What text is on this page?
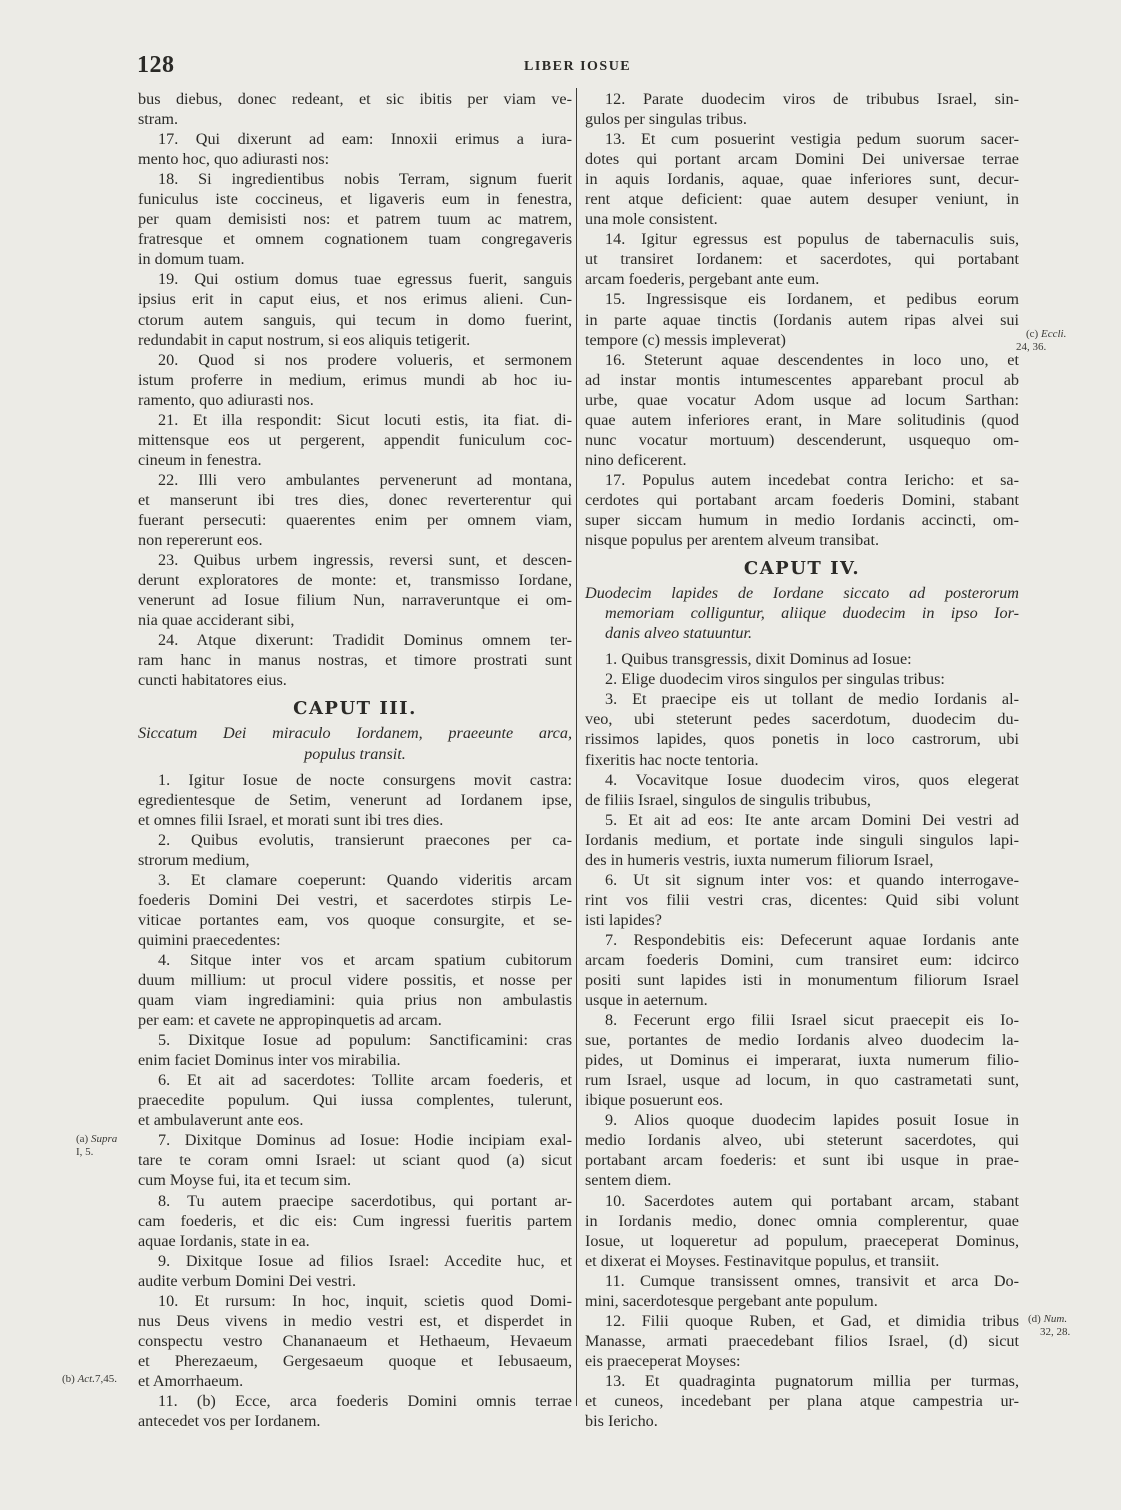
128	LIBER IOSUE
bus diebus, donec redeant, et sic ibitis per viam ve-
stram.
17. Qui dixerunt ad eam: Innoxii erimus a iura-
mento hoc, quo adiurasti nos:
18. Si ingredientibus nobis Terram, signum fuerit
funiculus iste coccineus, et ligaveris eum in fenestra,
per quam demisisti nos: et patrem tuum ac matrem,
fratresque et omnem cognationem tuam congregaveris
in domum tuam.
19. Qui ostium domus tuae egressus fuerit, sanguis
ipsius erit in caput eius, et nos erimus alieni. Cun-
ctorum autem sanguis, qui tecum in domo fuerint,
redundabit in caput nostrum, si eos aliquis tetigerit.
20. Quod si nos prodere volueris, et sermonem
istum proferre in medium, erimus mundi ab hoc iu-
ramento, quo adiurasti nos.
21. Et illa respondit: Sicut locuti estis, ita fiat. di-
mittensque eos ut pergerent, appendit funiculum coc-
cineum in fenestra.
22. Illi vero ambulantes pervenerunt ad montana,
et manserunt ibi tres dies, donec reverterentur qui
fuerant persecuti: quaerentes enim per omnem viam,
non repererunt eos.
23. Quibus urbem ingressis, reversi sunt, et descen-
derunt exploratores de monte: et, transmisso Iordane,
venerunt ad Iosue filium Nun, narraveruntque ei om-
nia quae acciderant sibi,
24. Atque dixerunt: Tradidit Dominus omnem ter-
ram hanc in manus nostras, et timore prostrati sunt
cuncti habitatores eius.
CAPUT III.
Siccatum Dei miraculo Iordanem, praeeunte arca,
populus transit.
1. Igitur Iosue de nocte consurgens movit castra:
egredientesque de Setim, venerunt ad Iordanem ipse,
et omnes filii Israel, et morati sunt ibi tres dies.
2. Quibus evolutis, transierunt praecones per ca-
strorum medium,
3. Et clamare coeperunt: Quando videritis arcam
foederis Domini Dei vestri, et sacerdotes stirpis Le-
viticae portantes eam, vos quoque consurgite, et se-
quimini praecedentes:
4. Sitque inter vos et arcam spatium cubitorum
duum millium: ut procul videre possitis, et nosse per
quam viam ingrediamini: quia prius non ambulastis
per eam: et cavete ne appropinquetis ad arcam.
5. Dixitque Iosue ad populum: Sanctificamini: cras
enim faciet Dominus inter vos mirabilia.
6. Et ait ad sacerdotes: Tollite arcam foederis, et
praecedite populum. Qui iussa complentes, tulerunt,
et ambulaverunt ante eos.
7. Dixitque Dominus ad Iosue: Hodie incipiam exal-
tare te coram omni Israel: ut sciant quod (a) sicut
cum Moyse fui, ita et tecum sim.
8. Tu autem praecipe sacerdotibus, qui portant ar-
cam foederis, et dic eis: Cum ingressi fueritis partem
aquae Iordanis, state in ea.
9. Dixitque Iosue ad filios Israel: Accedite huc, et
audite verbum Domini Dei vestri.
10. Et rursum: In hoc, inquit, scietis quod Domi-
nus Deus vivens in medio vestri est, et disperdet in
conspectu vestro Chananaeum et Hethaeum, Hevaeum
et Pherezaeum, Gergesaeum quoque et Iebusaeum,
et Amorrhaeum.
11. (b) Ecce, arca foederis Domini omnis terrae
antecedet vos per Iordanem.
12. Parate duodecim viros de tribubus Israel, sin-
gulos per singulas tribus.
13. Et cum posuerint vestigia pedum suorum sacer-
dotes qui portant arcam Domini Dei universae terrae
in aquis Iordanis, aquae, quae inferiores sunt, decur-
rent atque deficient: quae autem desuper veniunt, in
una mole consistent.
14. Igitur egressus est populus de tabernaculis suis,
ut transiret Iordanem: et sacerdotes, qui portabant
arcam foederis, pergebant ante eum.
15. Ingressisque eis Iordanem, et pedibus eorum
in parte aquae tinctis (Iordanis autem ripas alvei sui
tempore (c) messis impleverat)
16. Steterunt aquae descendentes in loco uno, et
ad instar montis intumescentes apparebant procul ab
urbe, quae vocatur Adom usque ad locum Sarthan:
quae autem inferiores erant, in Mare solitudinis (quod
nunc vocatur mortuum) descenderunt, usquequo om-
nino deficerent.
17. Populus autem incedebat contra Iericho: et sa-
cerdotes qui portabant arcam foederis Domini, stabant
super siccam humum in medio Iordanis accincti, om-
nisque populus per arentem alveum transibat.
CAPUT IV.
Duodecim lapides de Iordane siccato ad posterorum
memoriam colliguntur, aliique duodecim in ipso Ior-
danis alveo statuuntur.
1. Quibus transgressis, dixit Dominus ad Iosue:
2. Elige duodecim viros singulos per singulas tribus:
3. Et praecipe eis ut tollant de medio Iordanis al-
veo, ubi steterunt pedes sacerdotum, duodecim du-
rissimos lapides, quos ponetis in loco castrorum, ubi
fixeritis hac nocte tentoria.
4. Vocavitque Iosue duodecim viros, quos elegerat
de filiis Israel, singulos de singulis tribubus,
5. Et ait ad eos: Ite ante arcam Domini Dei vestri ad
Iordanis medium, et portate inde singuli singulos lapi-
des in humeris vestris, iuxta numerum filiorum Israel,
6. Ut sit signum inter vos: et quando interrogave-
rint vos filii vestri cras, dicentes: Quid sibi volunt
isti lapides?
7. Respondebitis eis: Defecerunt aquae Iordanis ante
arcam foederis Domini, cum transiret eum: idcirco
positi sunt lapides isti in monumentum filiorum Israel
usque in aeternum.
8. Fecerunt ergo filii Israel sicut praecepit eis Io-
sue, portantes de medio Iordanis alveo duodecim la-
pides, ut Dominus ei imperarat, iuxta numerum filio-
rum Israel, usque ad locum, in quo castrametati sunt,
ibique posuerunt eos.
9. Alios quoque duodecim lapides posuit Iosue in
medio Iordanis alveo, ubi steterunt sacerdotes, qui
portabant arcam foederis: et sunt ibi usque in prae-
sentem diem.
10. Sacerdotes autem qui portabant arcam, stabant
in Iordanis medio, donec omnia complerentur, quae
Iosue, ut loqueretur ad populum, praeceperat Dominus,
et dixerat ei Moyses. Festinavitque populus, et transiit.
11. Cumque transissent omnes, transivit et arca Do-
mini, sacerdotesque pergebant ante populum.
12. Filii quoque Ruben, et Gad, et dimidia tribus
Manasse, armati praecedebant filios Israel, (d) sicut
eis praeceperat Moyses:
13. Et quadraginta pugnatorum millia per turmas,
et cuneos, incedebant per plana atque campestria ur-
bis Iericho.
(a) Supra
I, 5.
(b) Act.7,45.
(c) Eccli.
24, 36.
(d) Num.
32, 28.
